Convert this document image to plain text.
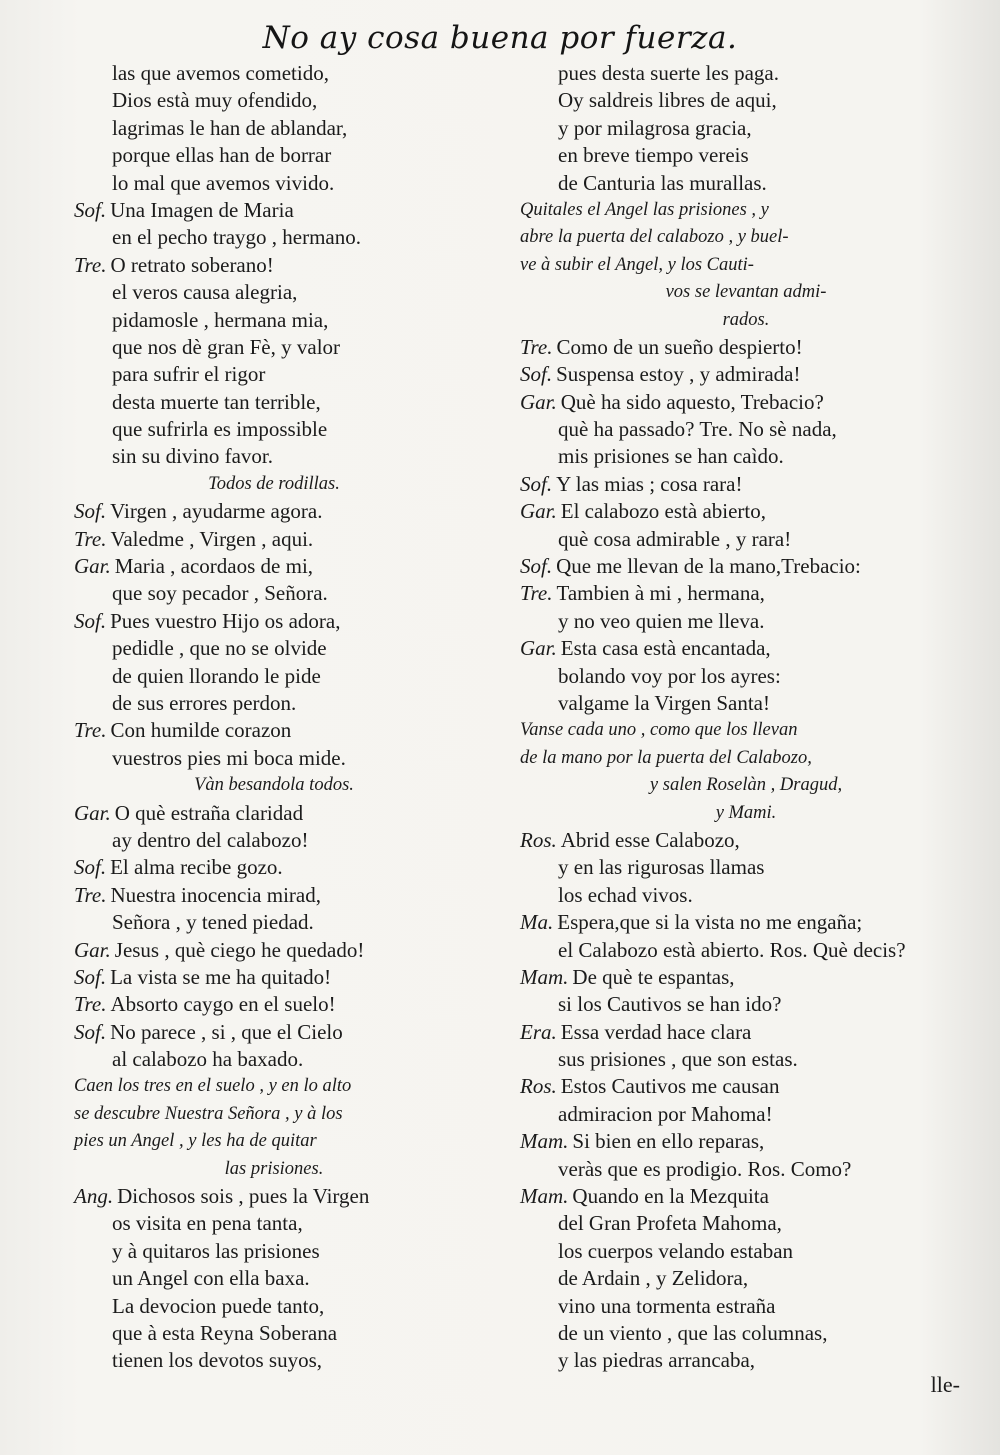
No ay cosa buena por fuerza.
las que avemos cometido,
Dios està muy ofendido,
lagrimas le han de ablandar,
porque ellas han de borrar
lo mal que avemos vivido.
Sof. Una Imagen de Maria
en el pecho traygo , hermano.
Tre. O retrato soberano!
el veros causa alegria,
pidamosle , hermana mia,
que nos dè gran Fè, y valor
para sufrir el rigor
desta muerte tan terrible,
que sufrirla es impossible
sin su divino favor.
Todos de rodillas.
Sof. Virgen , ayudarme agora.
Tre. Valedme , Virgen , aqui.
Gar. Maria , acordaos de mi,
que soy pecador , Señora.
Sof. Pues vuestro Hijo os adora,
pedidle , que no se olvide
de quien llorando le pide
de sus errores perdon.
Tre. Con humilde corazon
vuestros pies mi boca mide.
Vàn besandola todos.
Gar. O què estraña claridad
ay dentro del calabozo!
Sof. El alma recibe gozo.
Tre. Nuestra inocencia mirad,
Señora , y tened piedad.
Gar. Jesus , què ciego he quedado!
Sof. La vista se me ha quitado!
Tre. Absorto caygo en el suelo!
Sof. No parece , si , que el Cielo
al calabozo ha baxado.
Caen los tres en el suelo , y en lo alto
se descubre Nuestra Señora , y à los
pies un Angel , y les ha de quitar
las prisiones.
Ang. Dichosos sois , pues la Virgen
os visita en pena tanta,
y à quitaros las prisiones
un Angel con ella baxa.
La devocion puede tanto,
que à esta Reyna Soberana
tienen los devotos suyos,
pues desta suerte les paga.
Oy saldreis libres de aqui,
y por milagrosa gracia,
en breve tiempo vereis
de Canturia las murallas.
Quitales el Angel las prisiones , y
abre la puerta del calabozo , y buel-
ve à subir el Angel, y los Cauti-
vos se levantan admi-
rados.
Tre. Como de un sueño despierto!
Sof. Suspensa estoy , y admirada!
Gar. Què ha sido aquesto, Trebacio?
què ha passado? Tre. No sè nada,
mis prisiones se han caìdo.
Sof. Y las mias ; cosa rara!
Gar. El calabozo està abierto,
què cosa admirable , y rara!
Sof. Que me llevan de la mano,Trebacio:
Tre. Tambien à mi , hermana,
y no veo quien me lleva.
Gar. Esta casa està encantada,
bolando voy por los ayres:
valgame la Virgen Santa!
Vanse cada uno , como que los llevan
de la mano por la puerta del Calabozo,
y salen Roselàn , Dragud,
y Mami.
Ros. Abrid esse Calabozo,
y en las rigurosas llamas
los echad vivos.
Ma. Espera,que si la vista no me engaña;
el Calabozo està abierto. Ros. Què decis?
Mam. De què te espantas,
si los Cautivos se han ido?
Era. Essa verdad hace clara
sus prisiones , que son estas.
Ros. Estos Cautivos me causan
admiracion por Mahoma!
Mam. Si bien en ello reparas,
veràs que es prodigio. Ros. Como?
Mam. Quando en la Mezquita
del Gran Profeta Mahoma,
los cuerpos velando estaban
de Ardain , y Zelidora,
vino una tormenta estraña
de un viento , que las columnas,
y las piedras arrancaba,
lle-
